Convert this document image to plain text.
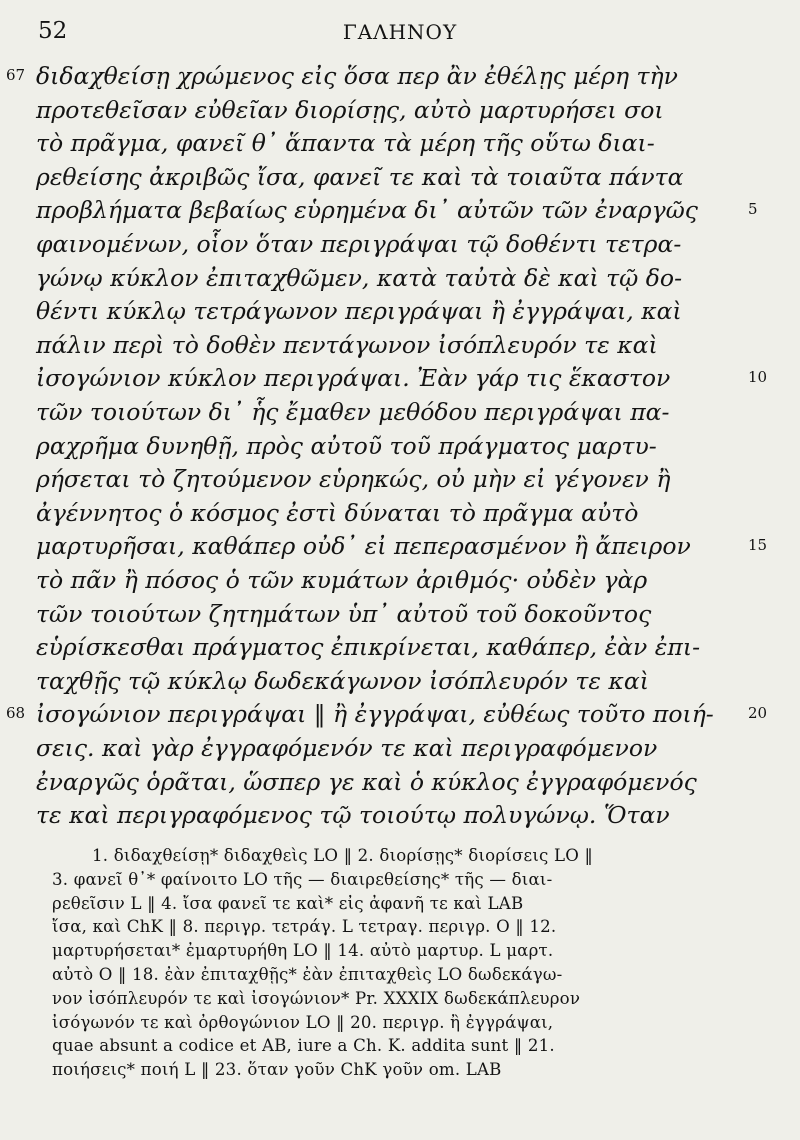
52	ΓΑΛΗΝΟΥ
διδαχθείσῃ χρώμενος εἰς ὅσα περ ἂν ἐθέλῃς μέρη τὴν
67
προτεθεῖσαν εὐθεῖαν διορίσῃς, αὐτὸ μαρτυρήσει σοι
τὸ πρᾶγμα, φανεῖ θ᾽ ἅπαντα τὰ μέρη τῆς οὕτω διαι-
ρεθείσης ἀκριβῶς ἴσα, φανεῖ τε καὶ τὰ τοιαῦτα πάντα
προβλήματα βεβαίως εὑρημένα δι᾽ αὐτῶν τῶν ἐναργῶς	5
φαινομένων, οἷον ὅταν περιγράψαι τῷ δοθέντι τετρα-
γώνῳ κύκλον ἐπιταχθῶμεν, κατὰ ταὐτὰ δὲ καὶ τῷ δο-
θέντι κύκλῳ τετράγωνον περιγράψαι ἢ ἐγγράψαι, καὶ
πάλιν περὶ τὸ δοθὲν πεντάγωνον ἰσόπλευρόν τε καὶ
ἰσογώνιον κύκλον περιγράψαι. Ἐὰν γάρ τις ἕκαστον	10
τῶν τοιούτων δι᾽ ἧς ἔμαθεν μεθόδου περιγράψαι πα-
ραχρῆμα δυνηθῇ, πρὸς αὐτοῦ τοῦ πράγματος μαρτυ-
ρήσεται τὸ ζητούμενον εὑρηκώς, οὐ μὴν εἰ γέγονεν ἢ
ἀγέννητος ὁ κόσμος ἐστὶ δύναται τὸ πρᾶγμα αὐτὸ
μαρτυρῆσαι, καθάπερ οὐδ᾽ εἰ πεπερασμένον ἢ ἄπειρον	15
τὸ πᾶν ἢ πόσος ὁ τῶν κυμάτων ἀριθμός· οὐδὲν γὰρ
τῶν τοιούτων ζητημάτων ὑπ᾽ αὐτοῦ τοῦ δοκοῦντος
εὑρίσκεσθαι πράγματος ἐπικρίνεται, καθάπερ, ἐὰν ἐπι-
ταχθῇς τῷ κύκλῳ δωδεκάγωνον ἰσόπλευρόν τε καὶ
ἰσογώνιον περιγράψαι ‖ ἢ ἐγγράψαι, εὐθέως τοῦτο ποιή-
68	20
σεις. καὶ γὰρ ἐγγραφόμενόν τε καὶ περιγραφόμενον
ἐναργῶς ὁρᾶται, ὥσπερ γε καὶ ὁ κύκλος ἐγγραφόμενός
τε καὶ περιγραφόμενος τῷ τοιούτῳ πολυγώνῳ. Ὅταν
1. διδαχθείσῃ* διδαχθεὶς LO ‖ 2. διορίσῃς* διορίσεις LO ‖
3. φανεῖ θ᾽* φαίνοιτο LO τῆς — διαιρεθείσης* τῆς — διαι-
ρεθεῖσιν L ‖ 4. ἴσα φανεῖ τε καὶ* εἰς ἀφανῆ τε καὶ LAB
ἴσα, καὶ ChK ‖ 8. περιγρ. τετράγ. L τετραγ. περιγρ. O ‖ 12.
μαρτυρήσεται* ἐμαρτυρήθη LO ‖ 14. αὐτὸ μαρτυρ. L μαρτ.
αὐτὸ O ‖ 18. ἐὰν ἐπιταχθῇς* ἐὰν ἐπιταχθεὶς LO δωδεκάγω-
νον ἰσόπλευρόν τε καὶ ἰσογώνιον* Pr. XXXIX δωδεκάπλευρον
ἰσόγωνόν τε καὶ ὀρθογώνιον LO ‖ 20. περιγρ. ἢ ἐγγράψαι,
quae absunt a codice et AB, iure a Ch. K. addita sunt ‖ 21.
ποιήσεις* ποιή L ‖ 23. ὅταν γοῦν ChK γοῦν om. LAB
